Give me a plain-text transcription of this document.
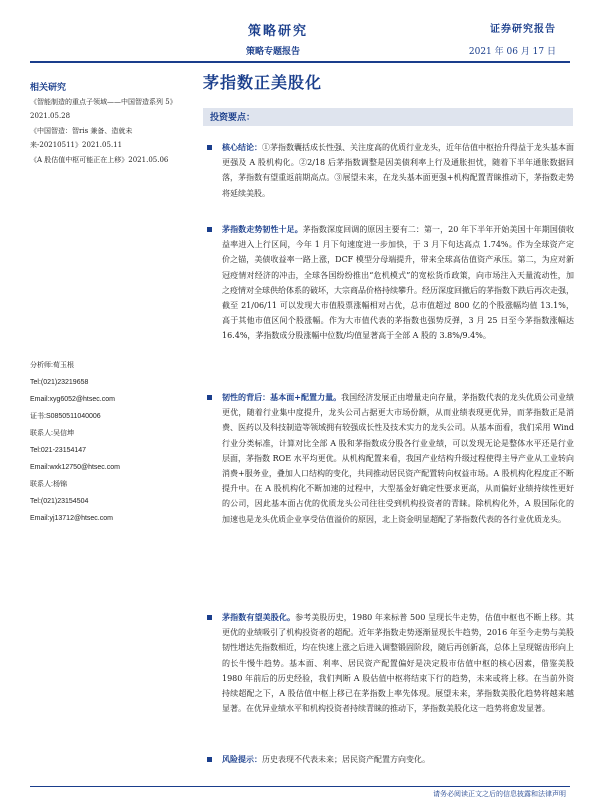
策略研究
策略专题报告
证券研究报告
2021 年 06 月 17 日
茅指数正美股化
投资要点：
相关研究
《智能制造的重点子领域——中国智造系列 5》2021.05.28
《中国智造：智ris 兼备、造就未来-20210511》2021.05.11
《A 股估值中枢可能正在上移》2021.05.06
分析师:荀玉根
Tel:(021)23219658
Email:xyg6052@htsec.com
证书:S0850511040006
联系人:吴信坤
Tel:021-23154147
Email:wxk12750@htsec.com
联系人:杨锦
Tel:(021)23154504
Email:yj13712@htsec.com
核心结论：①茅指数囊括成长性强、关注度高的优质行业龙头，近年估值中枢抬升得益于龙头基本面更强及 A 股机构化。②2/18 后茅指数调整是因美债利率上行及通胀担忧，随着下半年通胀数据回落，茅指数有望重返前期高点。③展望未来，在龙头基本面更强+机构配置青睐推动下，茅指数走势将延续美股。
茅指数走势韧性十足。茅指数深度回调的原因主要有二：第一，20 年下半年开始美国十年期国债收益率进入上行区间，今年 1 月下旬速度进一步加快，于 3 月下旬达高点 1.74%。作为全球资产定价之锚，美债收益率一路上涨，DCF 模型分母端提升，带来全球高估值资产承压。第二，为应对新冠疫情对经济的冲击，全球各国纷纷推出“危机模式”的宽松货币政策，向市场注入天量流动性，加之疫情对全球供给体系的破坏，大宗商品价格持续攀升。经历深度回撤后的茅指数下跌后再次走强，截至 21/06/11 可以发现大市值股票涨幅相对占优，总市值超过 800 亿的个股涨幅均值 13.1%，高于其他市值区间个股涨幅。作为大市值代表的茅指数也强势反弹，3 月 25 日至今茅指数涨幅达 16.4%，茅指数成分股涨幅中位数/均值显著高于全部 A 股的 3.8%/9.4%。
韧性的背后：基本面+配置力量。我国经济发展正由增量走向存量，茅指数代表的龙头优质公司业绩更优，随着行业集中度提升，龙头公司占据更大市场份额，从而业绩表现更优异，而茅指数正是消费、医药以及科技制造等领域拥有较强成长性及技术实力的龙头公司。从基本面看，我们采用 Wind 行业分类标准，计算对比全部 A 股和茅指数成分股各行业业绩，可以发现无论是整体水平还是行业层面，茅指数 ROE 水平均更优。从机构配置来看，我国产业结构升级过程使得主导产业从工业转向消费+服务业，叠加人口结构的变化，共同推动居民资产配置转向权益市场。A 股机构化程度正不断提升中。在 A 股机构化不断加速的过程中，大型基金好确定性要求更高，从而偏好业绩持续性更好的公司，因此基本面占优的优质龙头公司往往受到机构投资者的青睐。除机构化外，A 股国际化的加速也是龙头优质企业享受估值溢价的原因，北上资金明显超配了茅指数代表的各行业优质龙头。
茅指数有望美股化。参考美股历史，1980 年来标普 500 呈现长牛走势，估值中枢也不断上移。其更优的业绩吸引了机构投资者的超配。近年茅指数走势逐渐显现长牛趋势，2016 年至今走势与美股韧性增达先指数相近，均在快速上涨之后进入调整锻固阶段，随后再创新高，总体上呈现锯齿形向上的长牛慢牛趋势。基本面、利率、居民资产配置偏好是决定股市估值中枢的核心因素，借鉴美股 1980 年前后的历史经验，我们判断 A 股估值中枢将结束下行的趋势，未来或将上移。在当前外资持续超配之下，A 股估值中枢上移已在茅指数上率先体现。展望未来，茅指数美股化趋势将越来越显著。在优异业绩水平和机构投资者持续青睐的推动下，茅指数美股化这一趋势将愈发显著。
风险提示：历史表现不代表未来；居民资产配置方向变化。
请务必阅读正文之后的信息披露和法律声明
